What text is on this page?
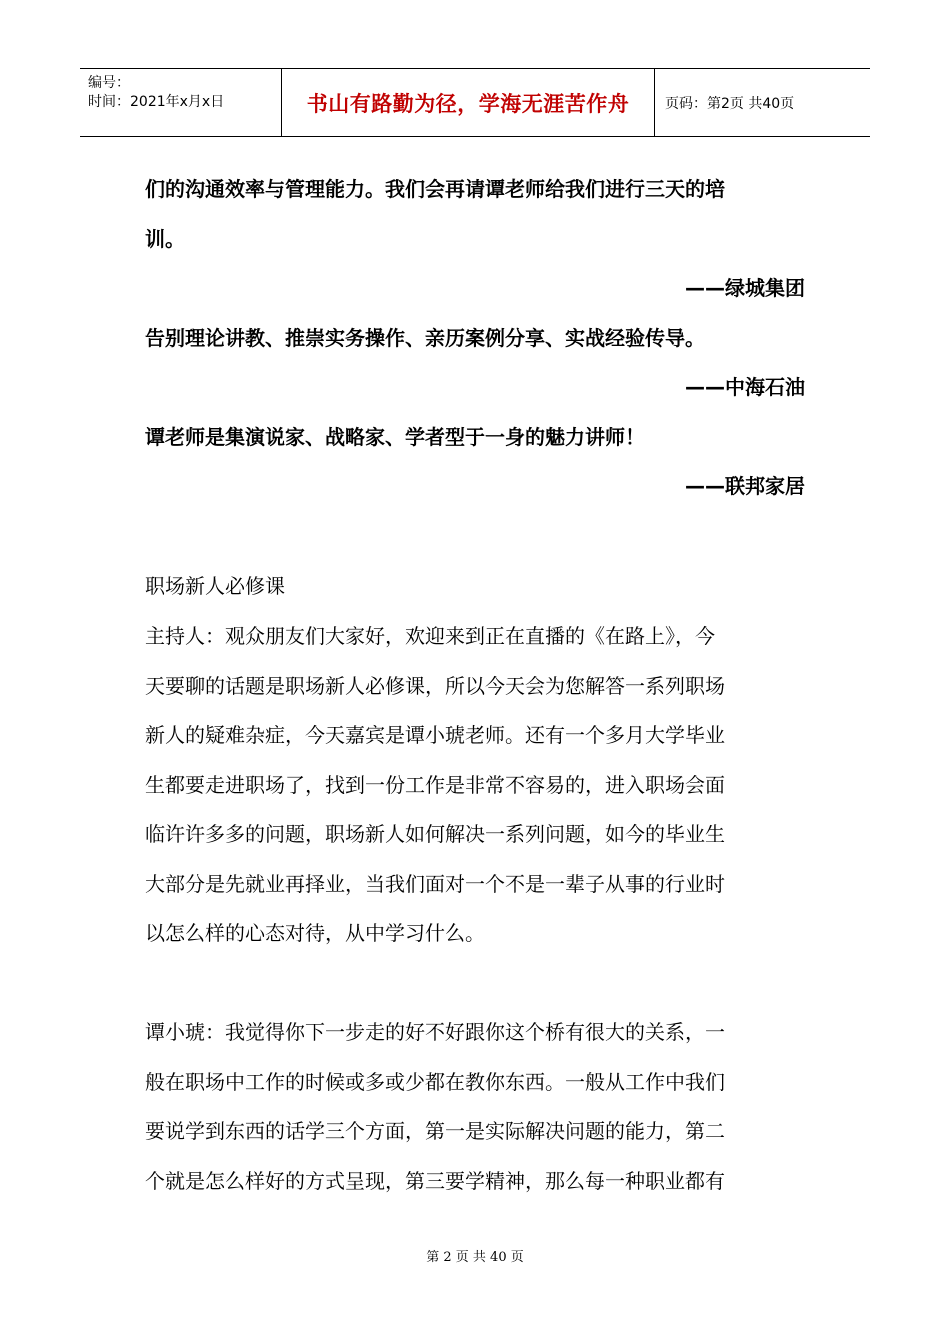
编号：
时间：2021年x月x日	书山有路勤为径，学海无涯苦作舟	页码：第2页 共40页
们的沟通效率与管理能力。我们会再请谭老师给我们进行三天的培
训。
——绿城集团
告别理论讲教、推崇实务操作、亲历案例分享、实战经验传导。
——中海石油
谭老师是集演说家、战略家、学者型于一身的魅力讲师！
——联邦家居
职场新人必修课
主持人：观众朋友们大家好，欢迎来到正在直播的《在路上》，今
天要聊的话题是职场新人必修课，所以今天会为您解答一系列职场
新人的疑难杂症，今天嘉宾是谭小琥老师。还有一个多月大学毕业
生都要走进职场了，找到一份工作是非常不容易的，进入职场会面
临许许多多的问题，职场新人如何解决一系列问题，如今的毕业生
大部分是先就业再择业，当我们面对一个不是一辈子从事的行业时
以怎么样的心态对待，从中学习什么。
谭小琥：我觉得你下一步走的好不好跟你这个桥有很大的关系，一
般在职场中工作的时候或多或少都在教你东西。一般从工作中我们
要说学到东西的话学三个方面，第一是实际解决问题的能力，第二
个就是怎么样好的方式呈现，第三要学精神，那么每一种职业都有
第 2 页 共 40 页
